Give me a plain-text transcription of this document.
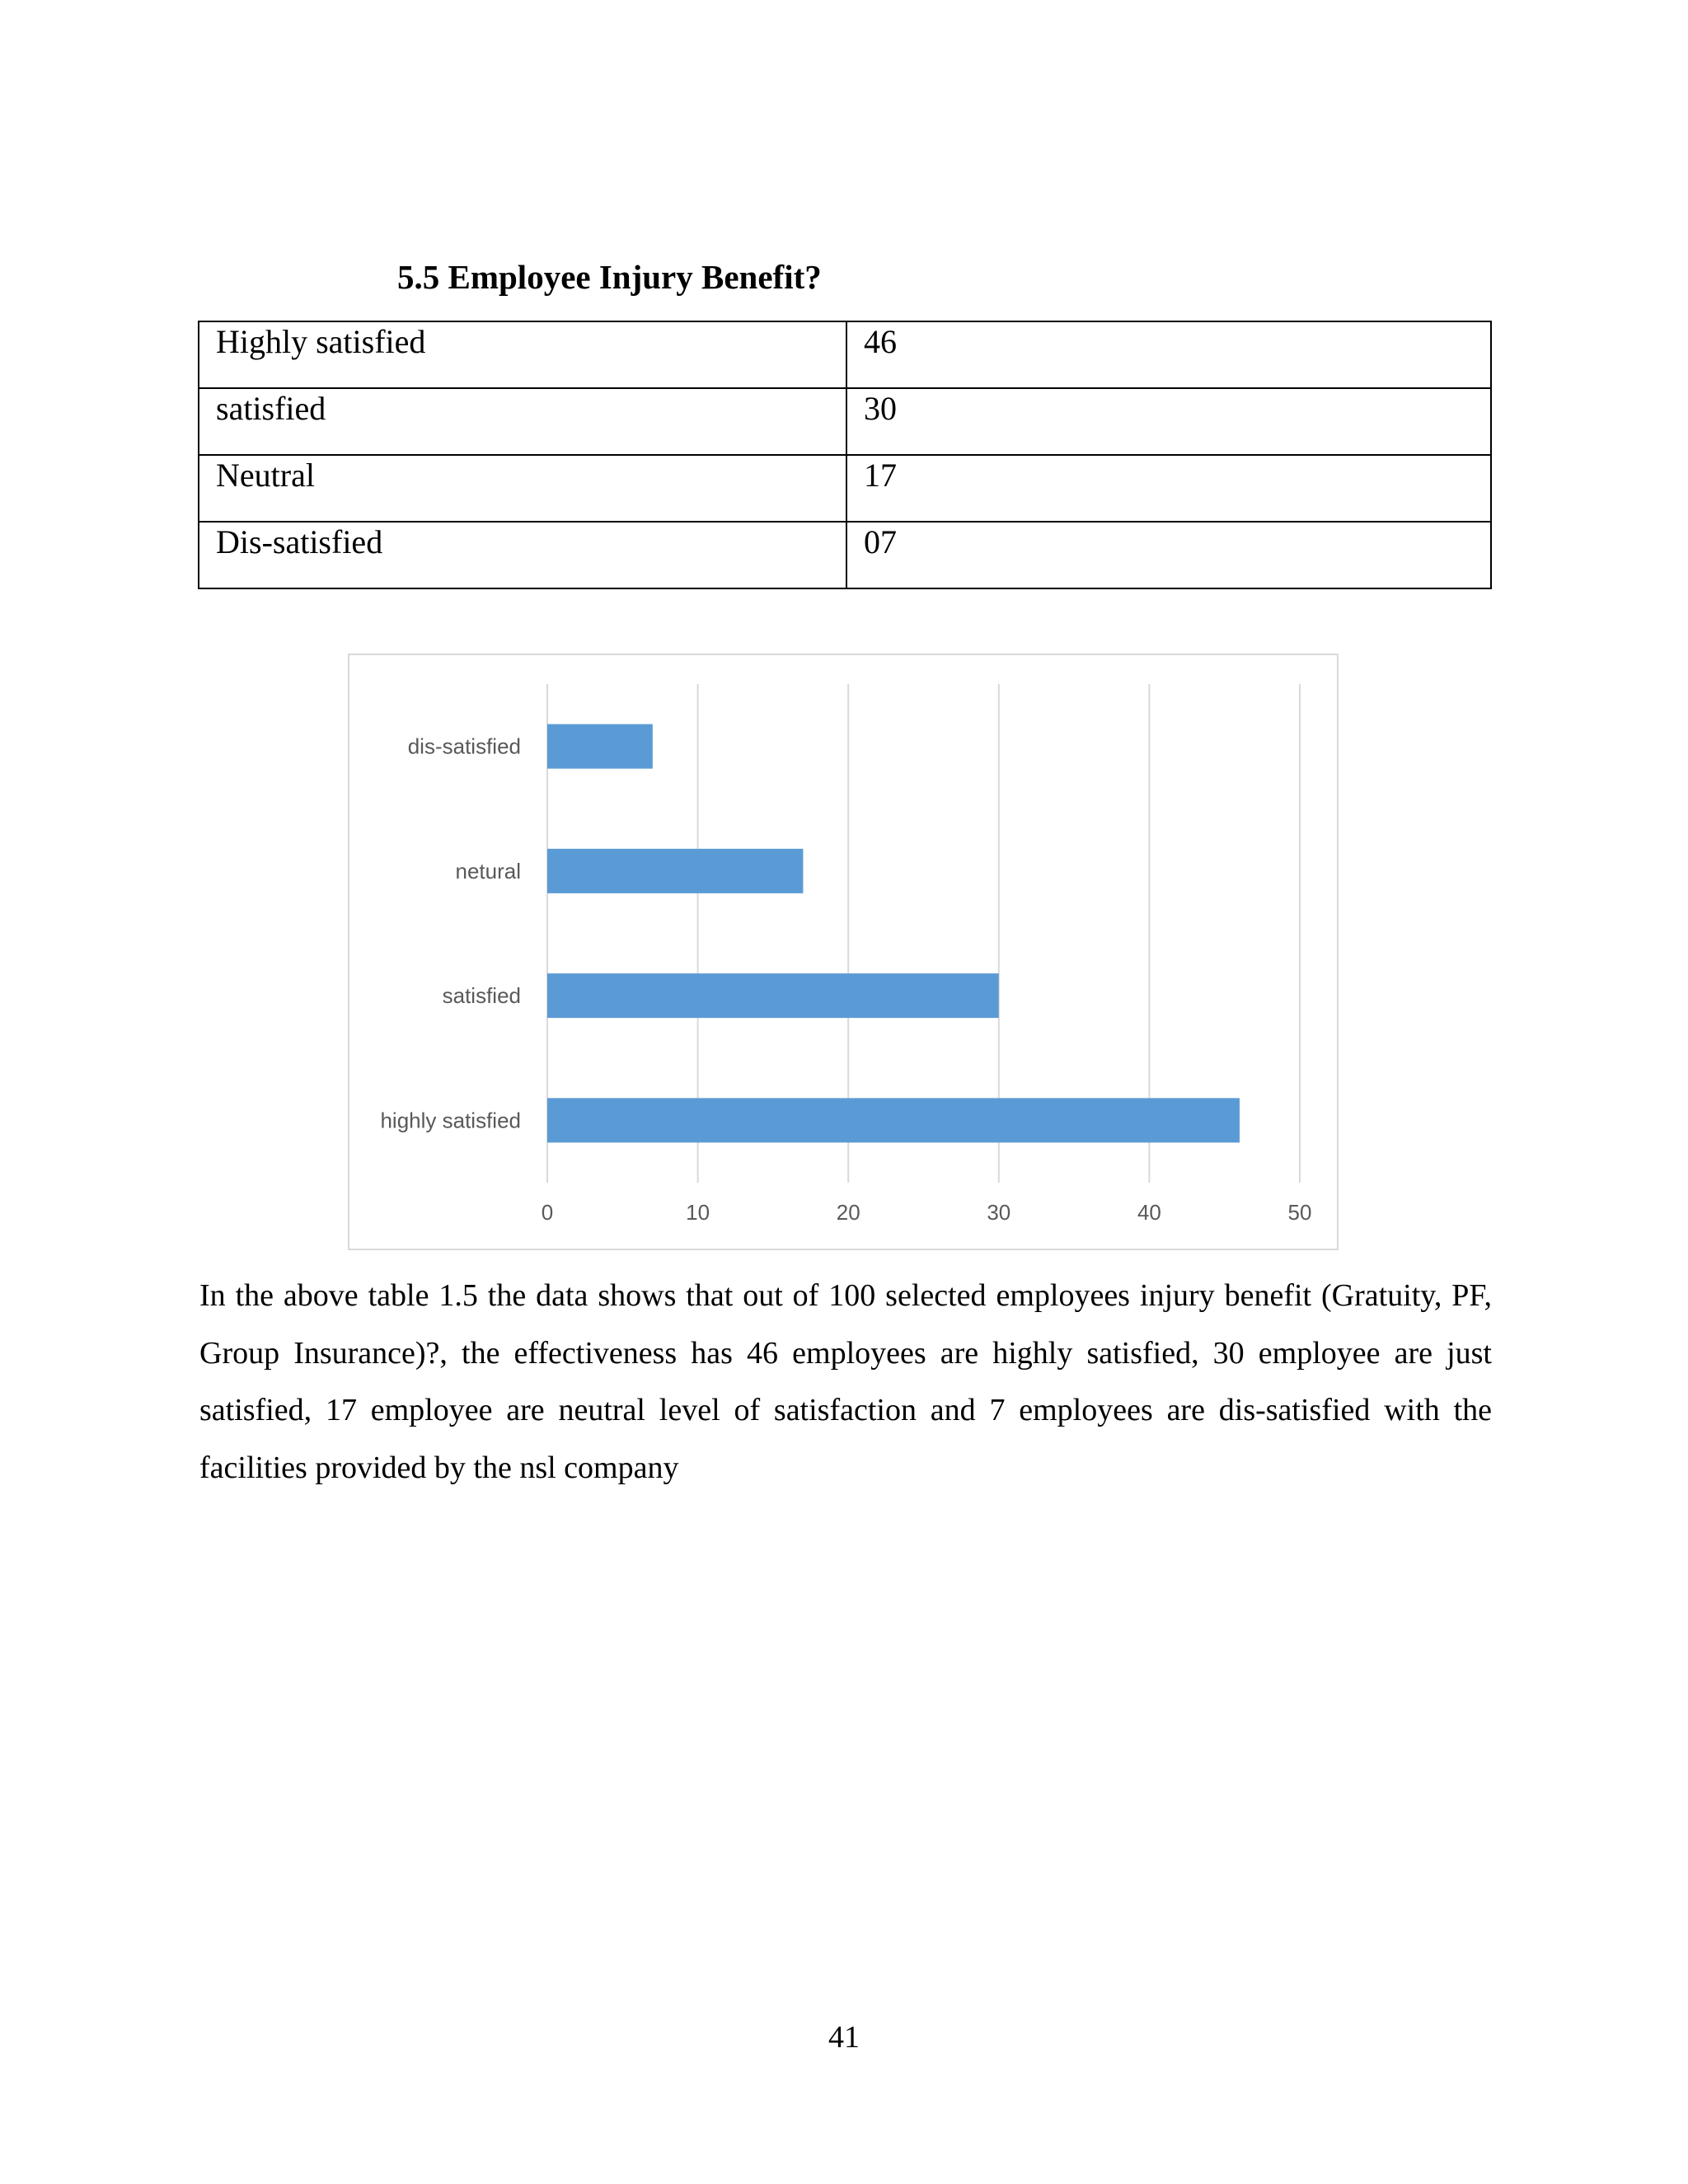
5.5 Employee Injury Benefit?
Highly satisfied	46
satisfied	30
Neutral	17
Dis-satisfied	07
0	10	20	30	40	50
dis-satisfied
netural
satisfied
highly satisfied
In the above table 1.5 the data shows that out of 100 selected employees injury benefit (Gratuity, PF, Group Insurance)?, the effectiveness has 46 employees are highly satisfied, 30 employee are just satisfied, 17 employee are neutral level of satisfaction and 7 employees are dis-satisfied with the facilities provided by the nsl company
41
